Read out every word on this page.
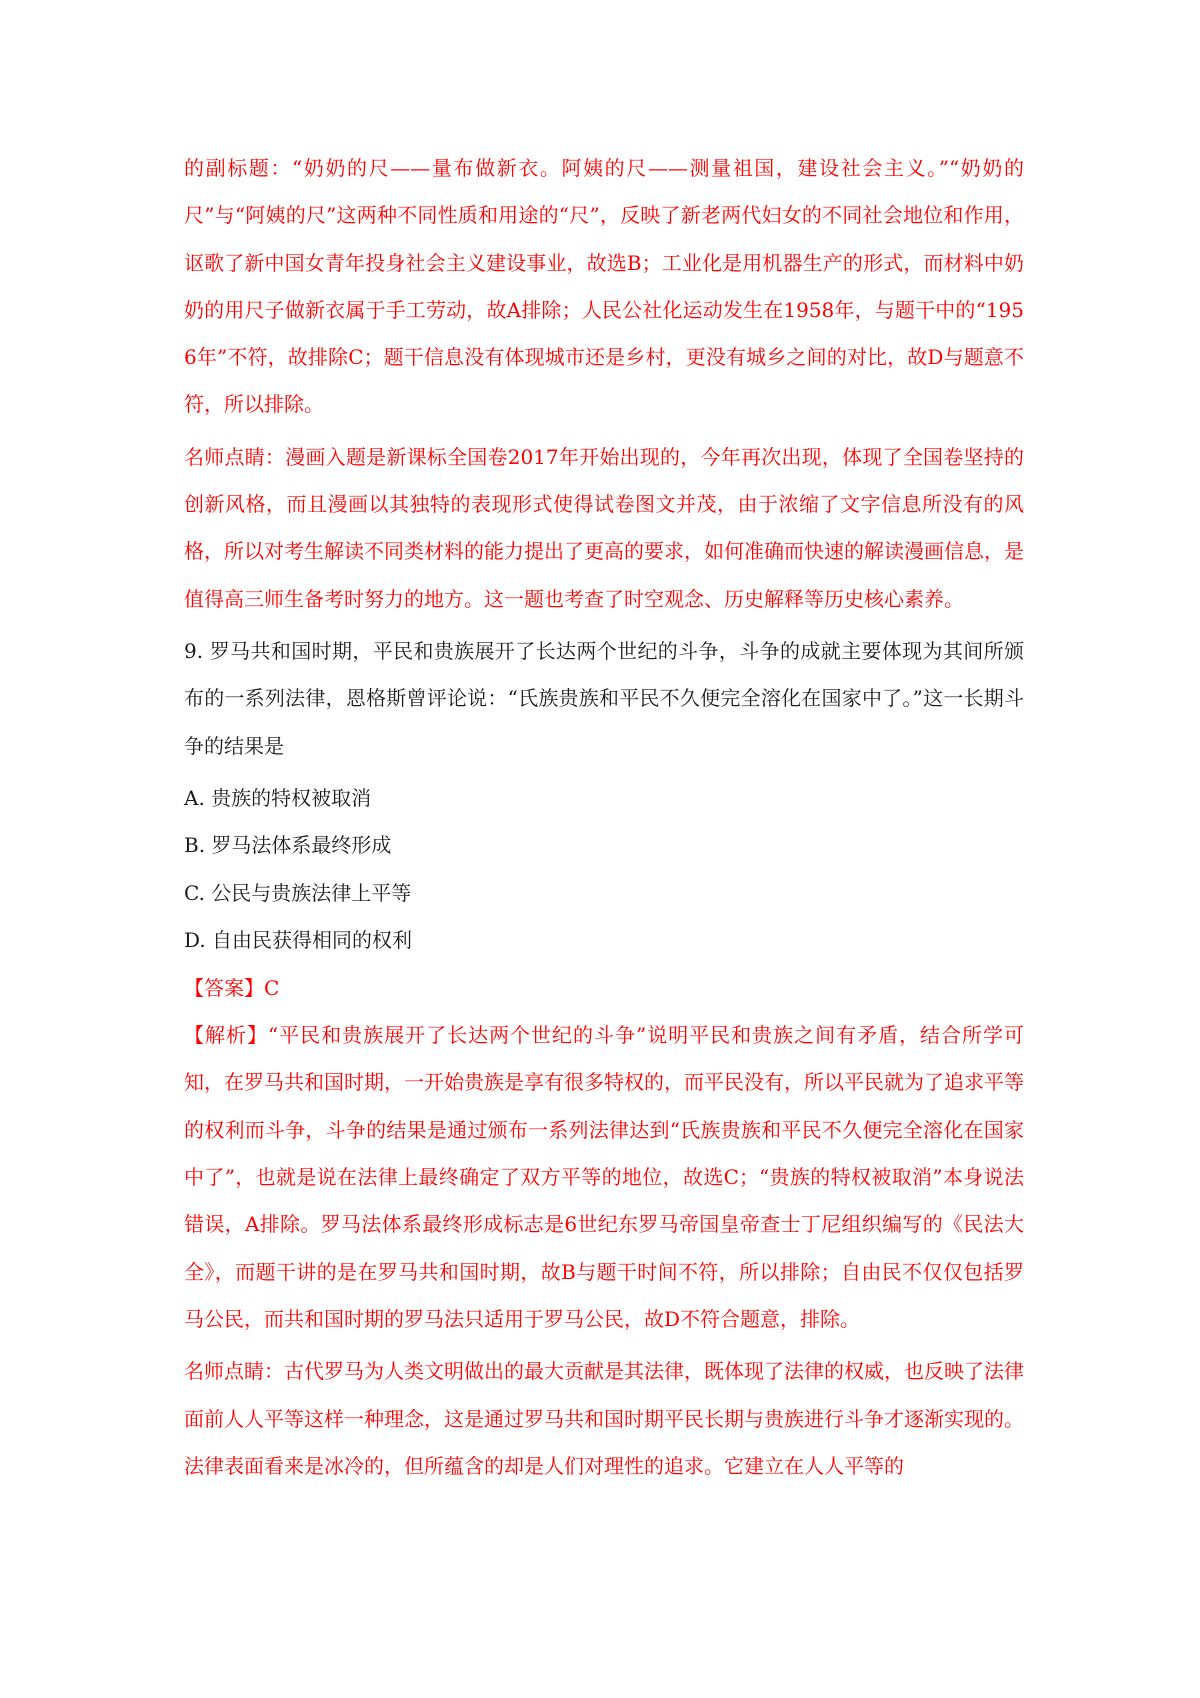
的副标题：“奶奶的尺——量布做新衣。阿姨的尺——测量祖国，建设社会主义。”“奶奶的尺”与“阿姨的尺”这两种不同性质和用途的“尺”，反映了新老两代妇女的不同社会地位和作用，讴歌了新中国女青年投身社会主义建设事业，故选B；工业化是用机器生产的形式，而材料中奶奶的用尺子做新衣属于手工劳动，故A排除；人民公社化运动发生在1958年，与题干中的“1956年”不符，故排除C；题干信息没有体现城市还是乡村，更没有城乡之间的对比，故D与题意不符，所以排除。

名师点睛：漫画入题是新课标全国卷2017年开始出现的，今年再次出现，体现了全国卷坚持的创新风格，而且漫画以其独特的表现形式使得试卷图文并茂，由于浓缩了文字信息所没有的风格，所以对考生解读不同类材料的能力提出了更高的要求，如何准确而快速的解读漫画信息，是值得高三师生备考时努力的地方。这一题也考查了时空观念、历史解释等历史核心素养。

9. 罗马共和国时期，平民和贵族展开了长达两个世纪的斗争，斗争的成就主要体现为其间所颁布的一系列法律，恩格斯曾评论说：“氏族贵族和平民不久便完全溶化在国家中了。”这一长期斗争的结果是

A. 贵族的特权被取消

B. 罗马法体系最终形成

C. 公民与贵族法律上平等

D. 自由民获得相同的权利

【答案】C

【解析】“平民和贵族展开了长达两个世纪的斗争”说明平民和贵族之间有矛盾，结合所学可知，在罗马共和国时期，一开始贵族是享有很多特权的，而平民没有，所以平民就为了追求平等的权利而斗争，斗争的结果是通过颁布一系列法律达到“氏族贵族和平民不久便完全溶化在国家中了”，也就是说在法律上最终确定了双方平等的地位，故选C；“贵族的特权被取消”本身说法错误，A排除。罗马法体系最终形成标志是6世纪东罗马帝国皇帝查士丁尼组织编写的《民法大全》，而题干讲的是在罗马共和国时期，故B与题干时间不符，所以排除；自由民不仅仅包括罗马公民，而共和国时期的罗马法只适用于罗马公民，故D不符合题意，排除。

名师点睛：古代罗马为人类文明做出的最大贡献是其法律，既体现了法律的权威，也反映了法律面前人人平等这样一种理念，这是通过罗马共和国时期平民长期与贵族进行斗争才逐渐实现的。法律表面看来是冰冷的，但所蕴含的却是人们对理性的追求。它建立在人人平等的
